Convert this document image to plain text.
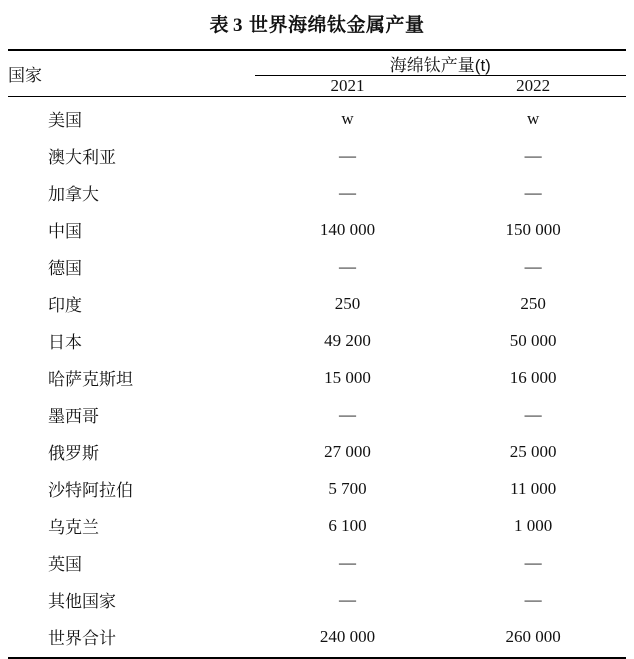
表 3 世界海绵钛金属产量
国家	海绵钛产量(t)	

	2021	2022
美国	w	w
澳大利亚	—	—
加拿大	—	—
中国	140 000	150 000
德国	—	—
印度	250	250
日本	49 200	50 000
哈萨克斯坦	15 000	16 000
墨西哥	—	—
俄罗斯	27 000	25 000
沙特阿拉伯	5 700	11 000
乌克兰	6 100	1 000
英国	—	—
其他国家	—	—
世界合计	240 000	260 000
